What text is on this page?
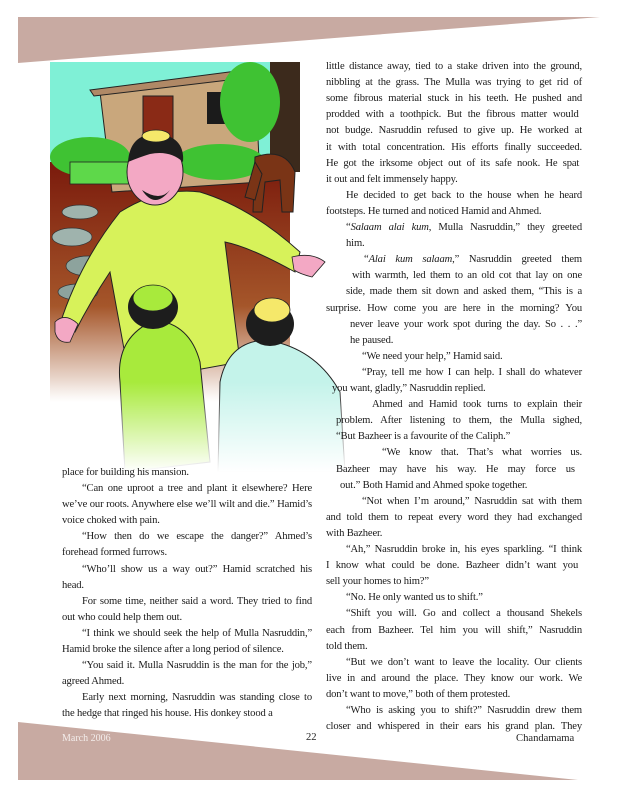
place for building his mansion.

“Can one uproot a tree and plant it elsewhere? Here we’ve our roots. Anywhere else we’ll wilt and die.” Hamid’s voice choked with pain.

“How then do we escape the danger?” Ahmed’s forehead formed furrows.

“Who’ll show us a way out?” Hamid scratched his head.

For some time, neither said a word. They tried to find out who could help them out.

“I think we should seek the help of Mulla Nasruddin,” Hamid broke the silence after a long period of silence.

“You said it. Mulla Nasruddin is the man for the job,” agreed Ahmed.

Early next morning, Nasruddin was standing close to the hedge that ringed his house. His donkey stood a

little distance away, tied to a stake driven into the ground,
nibbling at the grass. The Mulla was trying to get rid of
some fibrous material stuck in his teeth. He pushed and
prodded with a toothpick. But the fibrous matter would
not budge. Nasruddin refused to give up. He worked at
it with total concentration. His efforts finally succeeded.
He got the irksome object out of its safe nook. He spat
it out and felt immensely happy.
He decided to get back to the house when he heard
footsteps. He turned and noticed Hamid and Ahmed.
“Salaam alai kum, Mulla Nasruddin,” they greeted
him.
“Alai kum salaam,” Nasruddin greeted them
with warmth, led them to an old cot that lay on one
side, made them sit down and asked them, “This is a
surprise. How come you are here in the morning? You
never leave your work spot during the day. So . . .”
he paused.
“We need your help,” Hamid said.
“Pray, tell me how I can help. I shall do whatever
you want, gladly,” Nasruddin replied.
Ahmed and Hamid took turns to explain their
problem. After listening to them, the Mulla sighed,
“But Bazheer is a favourite of the Caliph.”
“We know that. That’s what worries us.
Bazheer may have his way. He may force us
out.” Both Hamid and Ahmed spoke together.
“Not when I’m around,” Nasruddin sat with them
and told them to repeat every word they had exchanged
with Bazheer.
“Ah,” Nasruddin broke in, his eyes sparkling. “I think
I know what could be done. Bazheer didn’t want you
sell your homes to him?”
“No. He only wanted us to shift.”
“Shift you will. Go and collect a thousand Shekels
each from Bazheer. Tel him you will shift,” Nasruddin
told them.
“But we don’t want to leave the locality. Our clients
live in and around the place. They know our work. We
don’t want to move,” both of them protested.
“Who is asking you to shift?” Nasruddin drew them
closer and whispered in their ears his grand plan. They
March 2006	22	Chandamama
